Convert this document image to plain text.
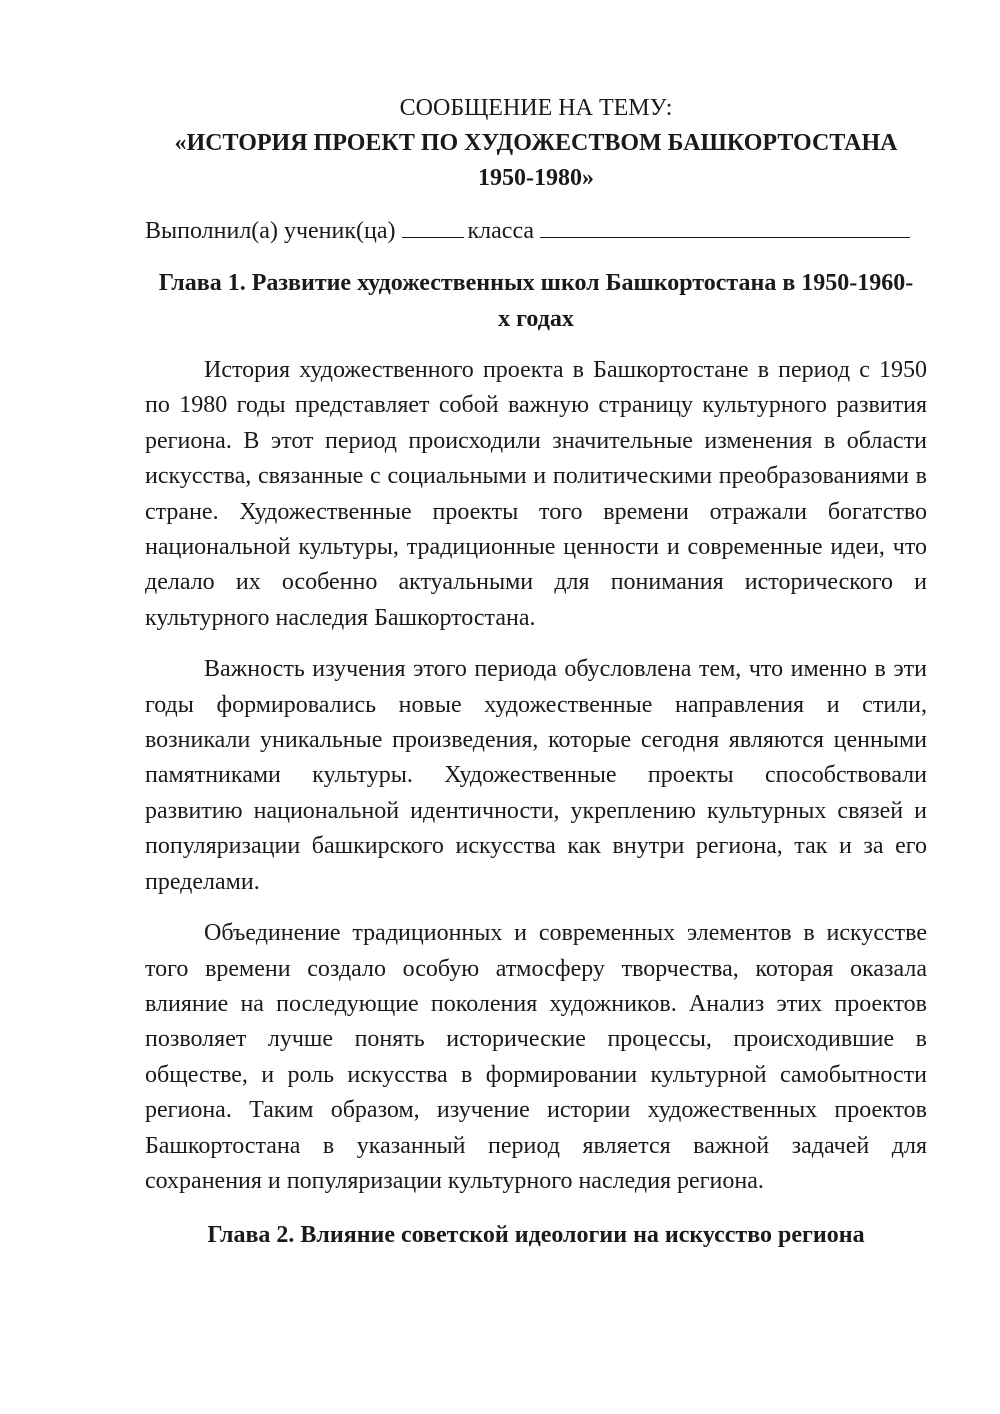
СООБЩЕНИЕ НА ТЕМУ:

«ИСТОРИЯ ПРОЕКТ ПО ХУДОЖЕСТВОМ БАШКОРТОСТАНА 1950-1980»

Выполнил(а) ученик(ца)	класса

Глава 1. Развитие художественных школ Башкортостана в 1950-1960-х годах

История художественного проекта в Башкортостане в период с 1950 по 1980 годы представляет собой важную страницу культурного развития региона. В этот период происходили значительные изменения в области искусства, связанные с социальными и политическими преобразованиями в стране. Художественные проекты того времени отражали богатство национальной культуры, традиционные ценности и современные идеи, что делало их особенно актуальными для понимания исторического и культурного наследия Башкортостана.

Важность изучения этого периода обусловлена тем, что именно в эти годы формировались новые художественные направления и стили, возникали уникальные произведения, которые сегодня являются ценными памятниками культуры. Художественные проекты способствовали развитию национальной идентичности, укреплению культурных связей и популяризации башкирского искусства как внутри региона, так и за его пределами.

Объединение традиционных и современных элементов в искусстве того времени создало особую атмосферу творчества, которая оказала влияние на последующие поколения художников. Анализ этих проектов позволяет лучше понять исторические процессы, происходившие в обществе, и роль искусства в формировании культурной самобытности региона. Таким образом, изучение истории художественных проектов Башкортостана в указанный период является важной задачей для сохранения и популяризации культурного наследия региона.

Глава 2. Влияние советской идеологии на искусство региона
